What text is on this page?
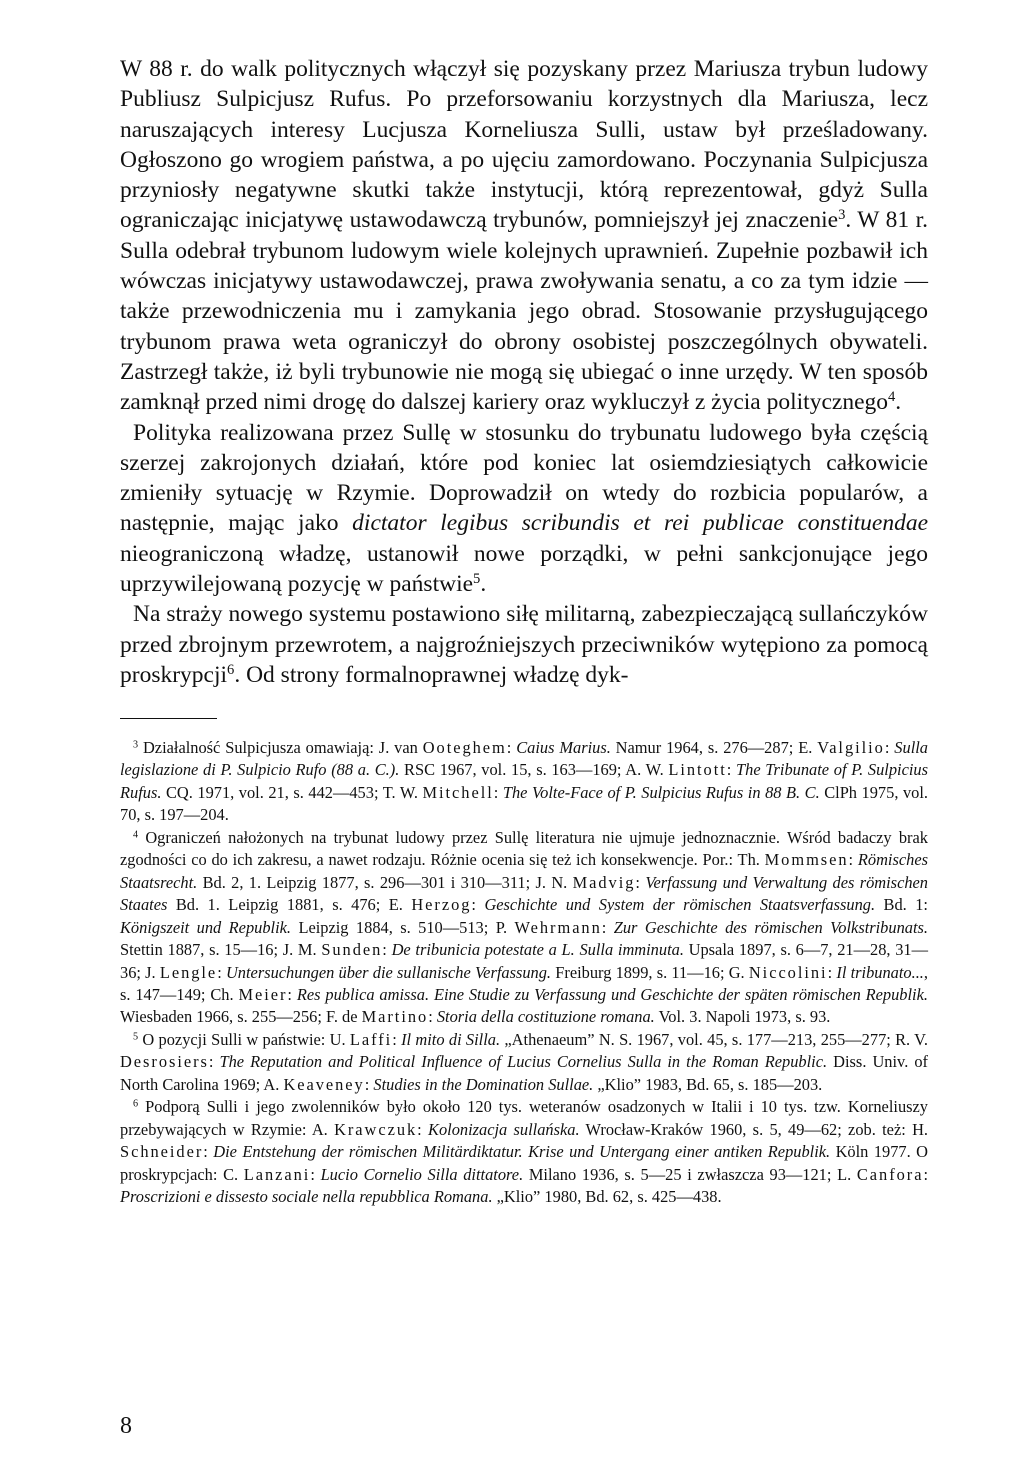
W 88 r. do walk politycznych włączył się pozyskany przez Mariusza trybun ludowy Publiusz Sulpicjusz Rufus. Po przeforsowaniu korzystnych dla Mariusza, lecz naruszających interesy Lucjusza Korneliusza Sulli, ustaw był prześladowany. Ogłoszono go wrogiem państwa, a po ujęciu zamordowano. Poczynania Sulpicjusza przyniosły negatywne skutki także instytucji, którą reprezentował, gdyż Sulla ograniczając inicjatywę ustawodawczą trybunów, pomniejszył jej znaczenie$^3$. W 81 r. Sulla odebrał trybunom ludowym wiele kolejnych uprawnień. Zupełnie pozbawił ich wówczas inicjatywy ustawodawczej, prawa zwoływania senatu, a co za tym idzie — także przewodniczenia mu i zamykania jego obrad. Stosowanie przysługującego trybunom prawa weta ograniczył do obrony osobistej poszczególnych obywateli. Zastrzegł także, iż byli trybunowie nie mogą się ubiegać o inne urzędy. W ten sposób zamknął przed nimi drogę do dalszej kariery oraz wykluczył z życia politycznego$^4$.

Polityka realizowana przez Sullę w stosunku do trybunatu ludowego była częścią szerzej zakrojonych działań, które pod koniec lat osiemdziesiątych całkowicie zmieniły sytuację w Rzymie. Doprowadził on wtedy do rozbicia popularów, a następnie, mając jako dictator legibus scribundis et rei publicae constituendae nieograniczoną władzę, ustanowił nowe porządki, w pełni sankcjonujące jego uprzywilejowaną pozycję w państwie$^5$.

Na straży nowego systemu postawiono siłę militarną, zabezpieczającą sullańczyków przed zbrojnym przewrotem, a najgroźniejszych przeciwników wytępiono za pomocą proskrypcji$^6$. Od strony formalnoprawnej władzę dyk-

$^3$ Działalność Sulpicjusza omawiają: J. van Ooteghem: Caius Marius. Namur 1964, s. 276—287; E. Valgilio: Sulla legislazione di P. Sulpicio Rufo (88 a. C.). RSC 1967, vol. 15, s. 163—169; A. W. Lintott: The Tribunate of P. Sulpicius Rufus. CQ. 1971, vol. 21, s. 442—453; T. W. Mitchell: The Volte-Face of P. Sulpicius Rufus in 88 B. C. ClPh 1975, vol. 70, s. 197—204.

$^4$ Ograniczeń nałożonych na trybunat ludowy przez Sullę literatura nie ujmuje jednoznacznie. Wśród badaczy brak zgodności co do ich zakresu, a nawet rodzaju. Różnie ocenia się też ich konsekwencje. Por.: Th. Mommsen: Römisches Staatsrecht. Bd. 2, 1. Leipzig 1877, s. 296—301 i 310—311; J. N. Madvig: Verfassung und Verwaltung des römischen Staates Bd. 1. Leipzig 1881, s. 476; E. Herzog: Geschichte und System der römischen Staatsverfassung. Bd. 1: Königszeit und Republik. Leipzig 1884, s. 510—513; P. Wehrmann: Zur Geschichte des römischen Volkstribunats. Stettin 1887, s. 15—16; J. M. Sunden: De tribunicia potestate a L. Sulla imminuta. Upsala 1897, s. 6—7, 21—28, 31—36; J. Lengle: Untersuchungen über die sullanische Verfassung. Freiburg 1899, s. 11—16; G. Niccolini: Il tribunato..., s. 147—149; Ch. Meier: Res publica amissa. Eine Studie zu Verfassung und Geschichte der späten römischen Republik. Wiesbaden 1966, s. 255—256; F. de Martino: Storia della costituzione romana. Vol. 3. Napoli 1973, s. 93.

$^5$ O pozycji Sulli w państwie: U. Laffi: Il mito di Silla. „Athenaeum” N. S. 1967, vol. 45, s. 177—213, 255—277; R. V. Desrosiers: The Reputation and Political Influence of Lucius Cornelius Sulla in the Roman Republic. Diss. Univ. of North Carolina 1969; A. Keaveney: Studies in the Domination Sullae. „Klio” 1983, Bd. 65, s. 185—203.

$^6$ Podporą Sulli i jego zwolenników było około 120 tys. weteranów osadzonych w Italii i 10 tys. tzw. Korneliuszy przebywających w Rzymie: A. Krawczuk: Kolonizacja sullańska. Wrocław-Kraków 1960, s. 5, 49—62; zob. też: H. Schneider: Die Entstehung der römischen Militärdiktatur. Krise und Untergang einer antiken Republik. Köln 1977. O proskrypcjach: C. Lanzani: Lucio Cornelio Silla dittatore. Milano 1936, s. 5—25 i zwłaszcza 93—121; L. Canfora: Proscrizioni e dissesto sociale nella repubblica Romana. „Klio” 1980, Bd. 62, s. 425—438.

8
